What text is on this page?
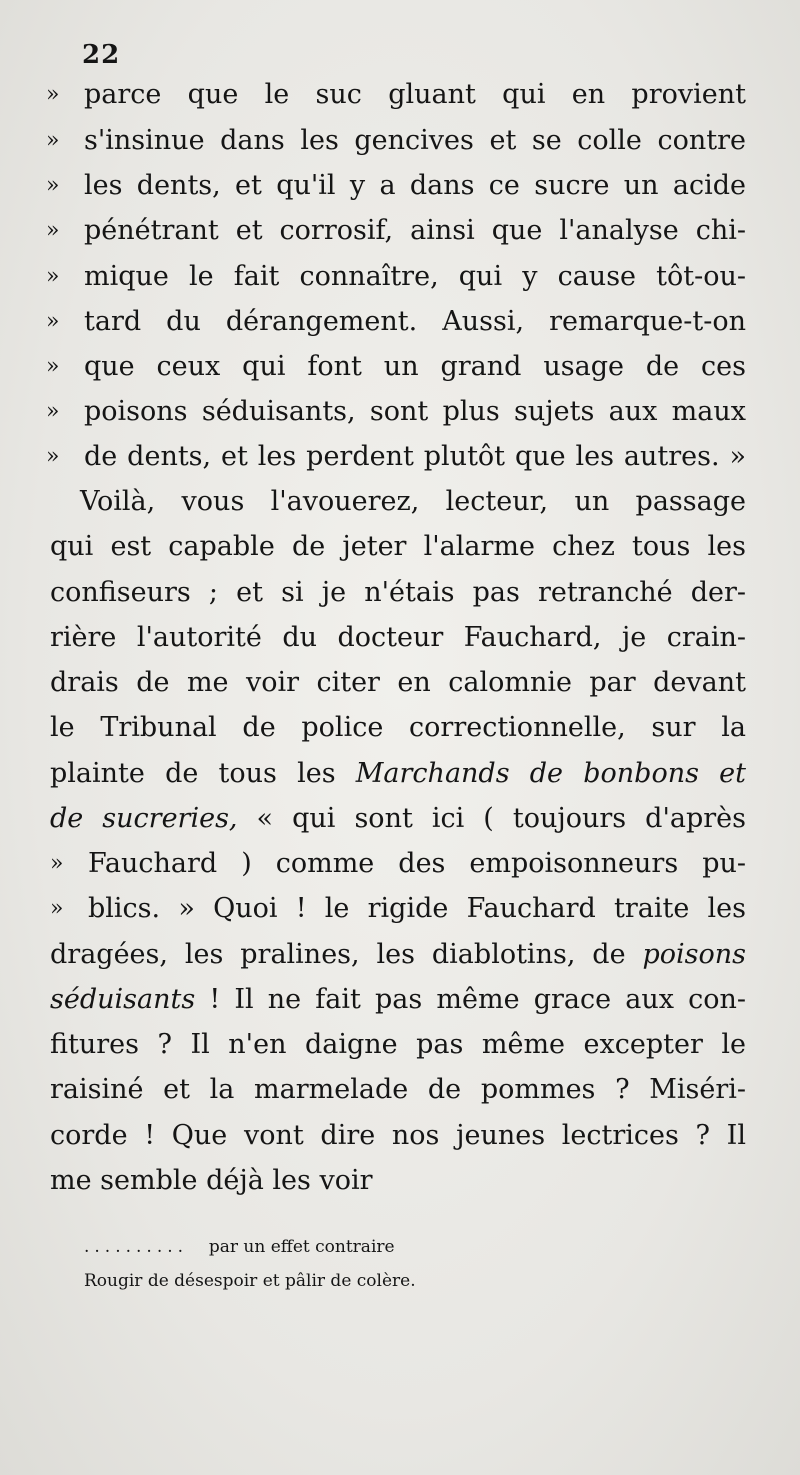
22
» parce que le suc gluant qui en provient
» s'insinue dans les gencives et se colle contre
» les dents, et qu'il y a dans ce sucre un acide
» pénétrant et corrosif, ainsi que l'analyse chi-
» mique le fait connaître, qui y cause tôt-ou-
» tard du dérangement. Aussi, remarque-t-on
» que ceux qui font un grand usage de ces
» poisons séduisants, sont plus sujets aux maux
» de dents, et les perdent plutôt que les autres. »
Voilà, vous l'avouerez, lecteur, un passage
qui est capable de jeter l'alarme chez tous les
confiseurs ; et si je n'étais pas retranché der-
rière l'autorité du docteur Fauchard, je crain-
drais de me voir citer en calomnie par devant
le Tribunal de police correctionnelle, sur la
plainte de tous les Marchands de bonbons et
de sucreries, « qui sont ici ( toujours d'après
» Fauchard ) comme des empoisonneurs pu-
» blics. » Quoi ! le rigide Fauchard traite les
dragées, les pralines, les diablotins, de poisons
séduisants ! Il ne fait pas même grace aux con-
fitures ? Il n'en daigne pas même excepter le
raisiné et la marmelade de pommes ? Miséri-
corde ! Que vont dire nos jeunes lectrices ? Il
me semble déjà les voir
.......... par un effet contraire
Rougir de désespoir et pâlir de colère.
